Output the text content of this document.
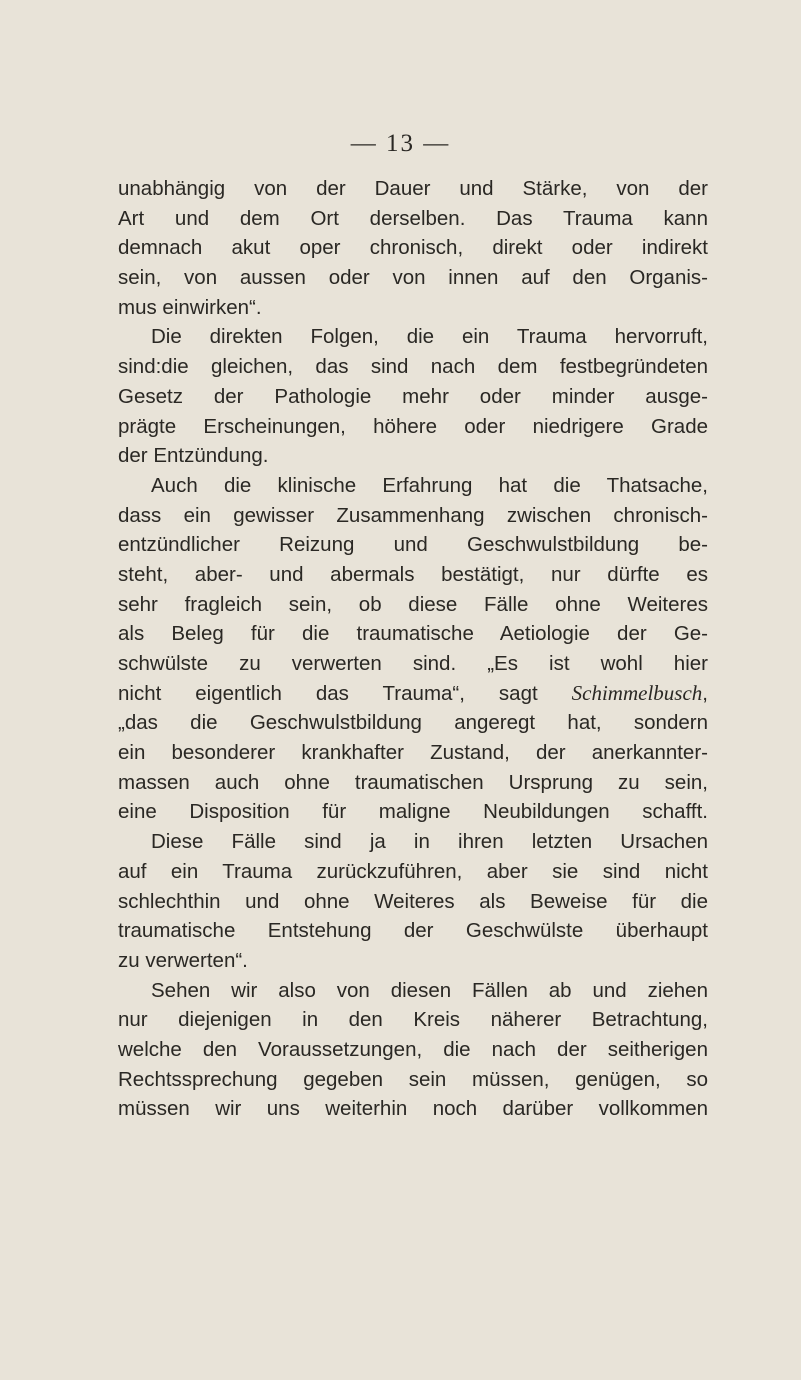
— 13 —
unabhängig von der Dauer und Stärke, von der
Art und dem Ort derselben. Das Trauma kann
demnach akut oper chronisch, direkt oder indirekt
sein, von aussen oder von innen auf den Organis-
mus einwirken“.
Die direkten Folgen, die ein Trauma hervorruft,
sind:die gleichen, das sind nach dem festbegründeten
Gesetz der Pathologie mehr oder minder ausge-
prägte Erscheinungen, höhere oder niedrigere Grade
der Entzündung.
Auch die klinische Erfahrung hat die Thatsache,
dass ein gewisser Zusammenhang zwischen chronisch-
entzündlicher Reizung und Geschwulstbildung be-
steht, aber- und abermals bestätigt, nur dürfte es
sehr fragleich sein, ob diese Fälle ohne Weiteres
als Beleg für die traumatische Aetiologie der Ge-
schwülste zu verwerten sind. „Es ist wohl hier
nicht eigentlich das Trauma“, sagt Schimmelbusch,
„das die Geschwulstbildung angeregt hat, sondern
ein besonderer krankhafter Zustand, der anerkannter-
massen auch ohne traumatischen Ursprung zu sein,
eine Disposition für maligne Neubildungen schafft.
Diese Fälle sind ja in ihren letzten Ursachen
auf ein Trauma zurückzuführen, aber sie sind nicht
schlechthin und ohne Weiteres als Beweise für die
traumatische Entstehung der Geschwülste überhaupt
zu verwerten“.
Sehen wir also von diesen Fällen ab und ziehen
nur diejenigen in den Kreis näherer Betrachtung,
welche den Voraussetzungen, die nach der seitherigen
Rechtssprechung gegeben sein müssen, genügen, so
müssen wir uns weiterhin noch darüber vollkommen
